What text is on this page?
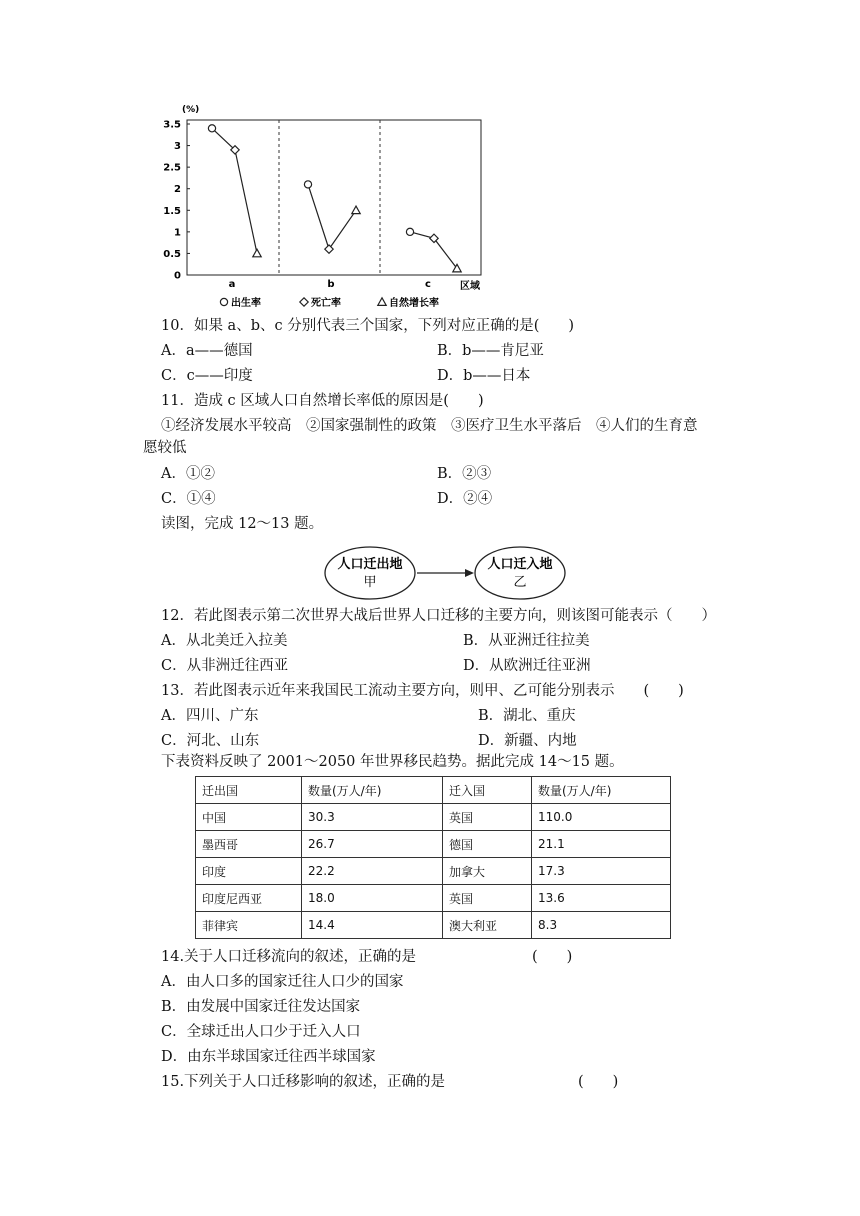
(%)
3.5
3
2.5
2
1.5
1
0.5
0
a	b	c	区域
出生率	死亡率	自然增长率
10．如果 a、b、c 分别代表三个国家，下列对应正确的是(　　)
A．a——德国	B．b——肯尼亚
C．c——印度	D．b——日本
11．造成 c 区域人口自然增长率低的原因是(　　)
①经济发展水平较高　②国家强制性的政策　③医疗卫生水平落后　④人们的生育意
愿较低
A．①②	B．②③
C．①④	D．②④
读图，完成 12～13 题。
人口迁出地
甲
人口迁入地
乙
12．若此图表示第二次世界大战后世界人口迁移的主要方向，则该图可能表示（　　）
A．从北美迁入拉美	B．从亚洲迁往拉美
C．从非洲迁往西亚	D．从欧洲迁往亚洲
13．若此图表示近年来我国民工流动主要方向，则甲、乙可能分别表示　　(　　)
A．四川、广东	B．湖北、重庆
C．河北、山东	D．新疆、内地
下表资料反映了 2001～2050 年世界移民趋势。据此完成 14～15 题。
迁出国	数量(万人/年)	迁入国	数量(万人/年)
中国	30.3	英国	110.0
墨西哥	26.7	德国	21.1
印度	22.2	加拿大	17.3
印度尼西亚	18.0	英国	13.6
菲律宾	14.4	澳大利亚	8.3
14.关于人口迁移流向的叙述，正确的是	(　　)
A．由人口多的国家迁往人口少的国家
B．由发展中国家迁往发达国家
C．全球迁出人口少于迁入人口
D．由东半球国家迁往西半球国家
15.下列关于人口迁移影响的叙述，正确的是	(　　)
